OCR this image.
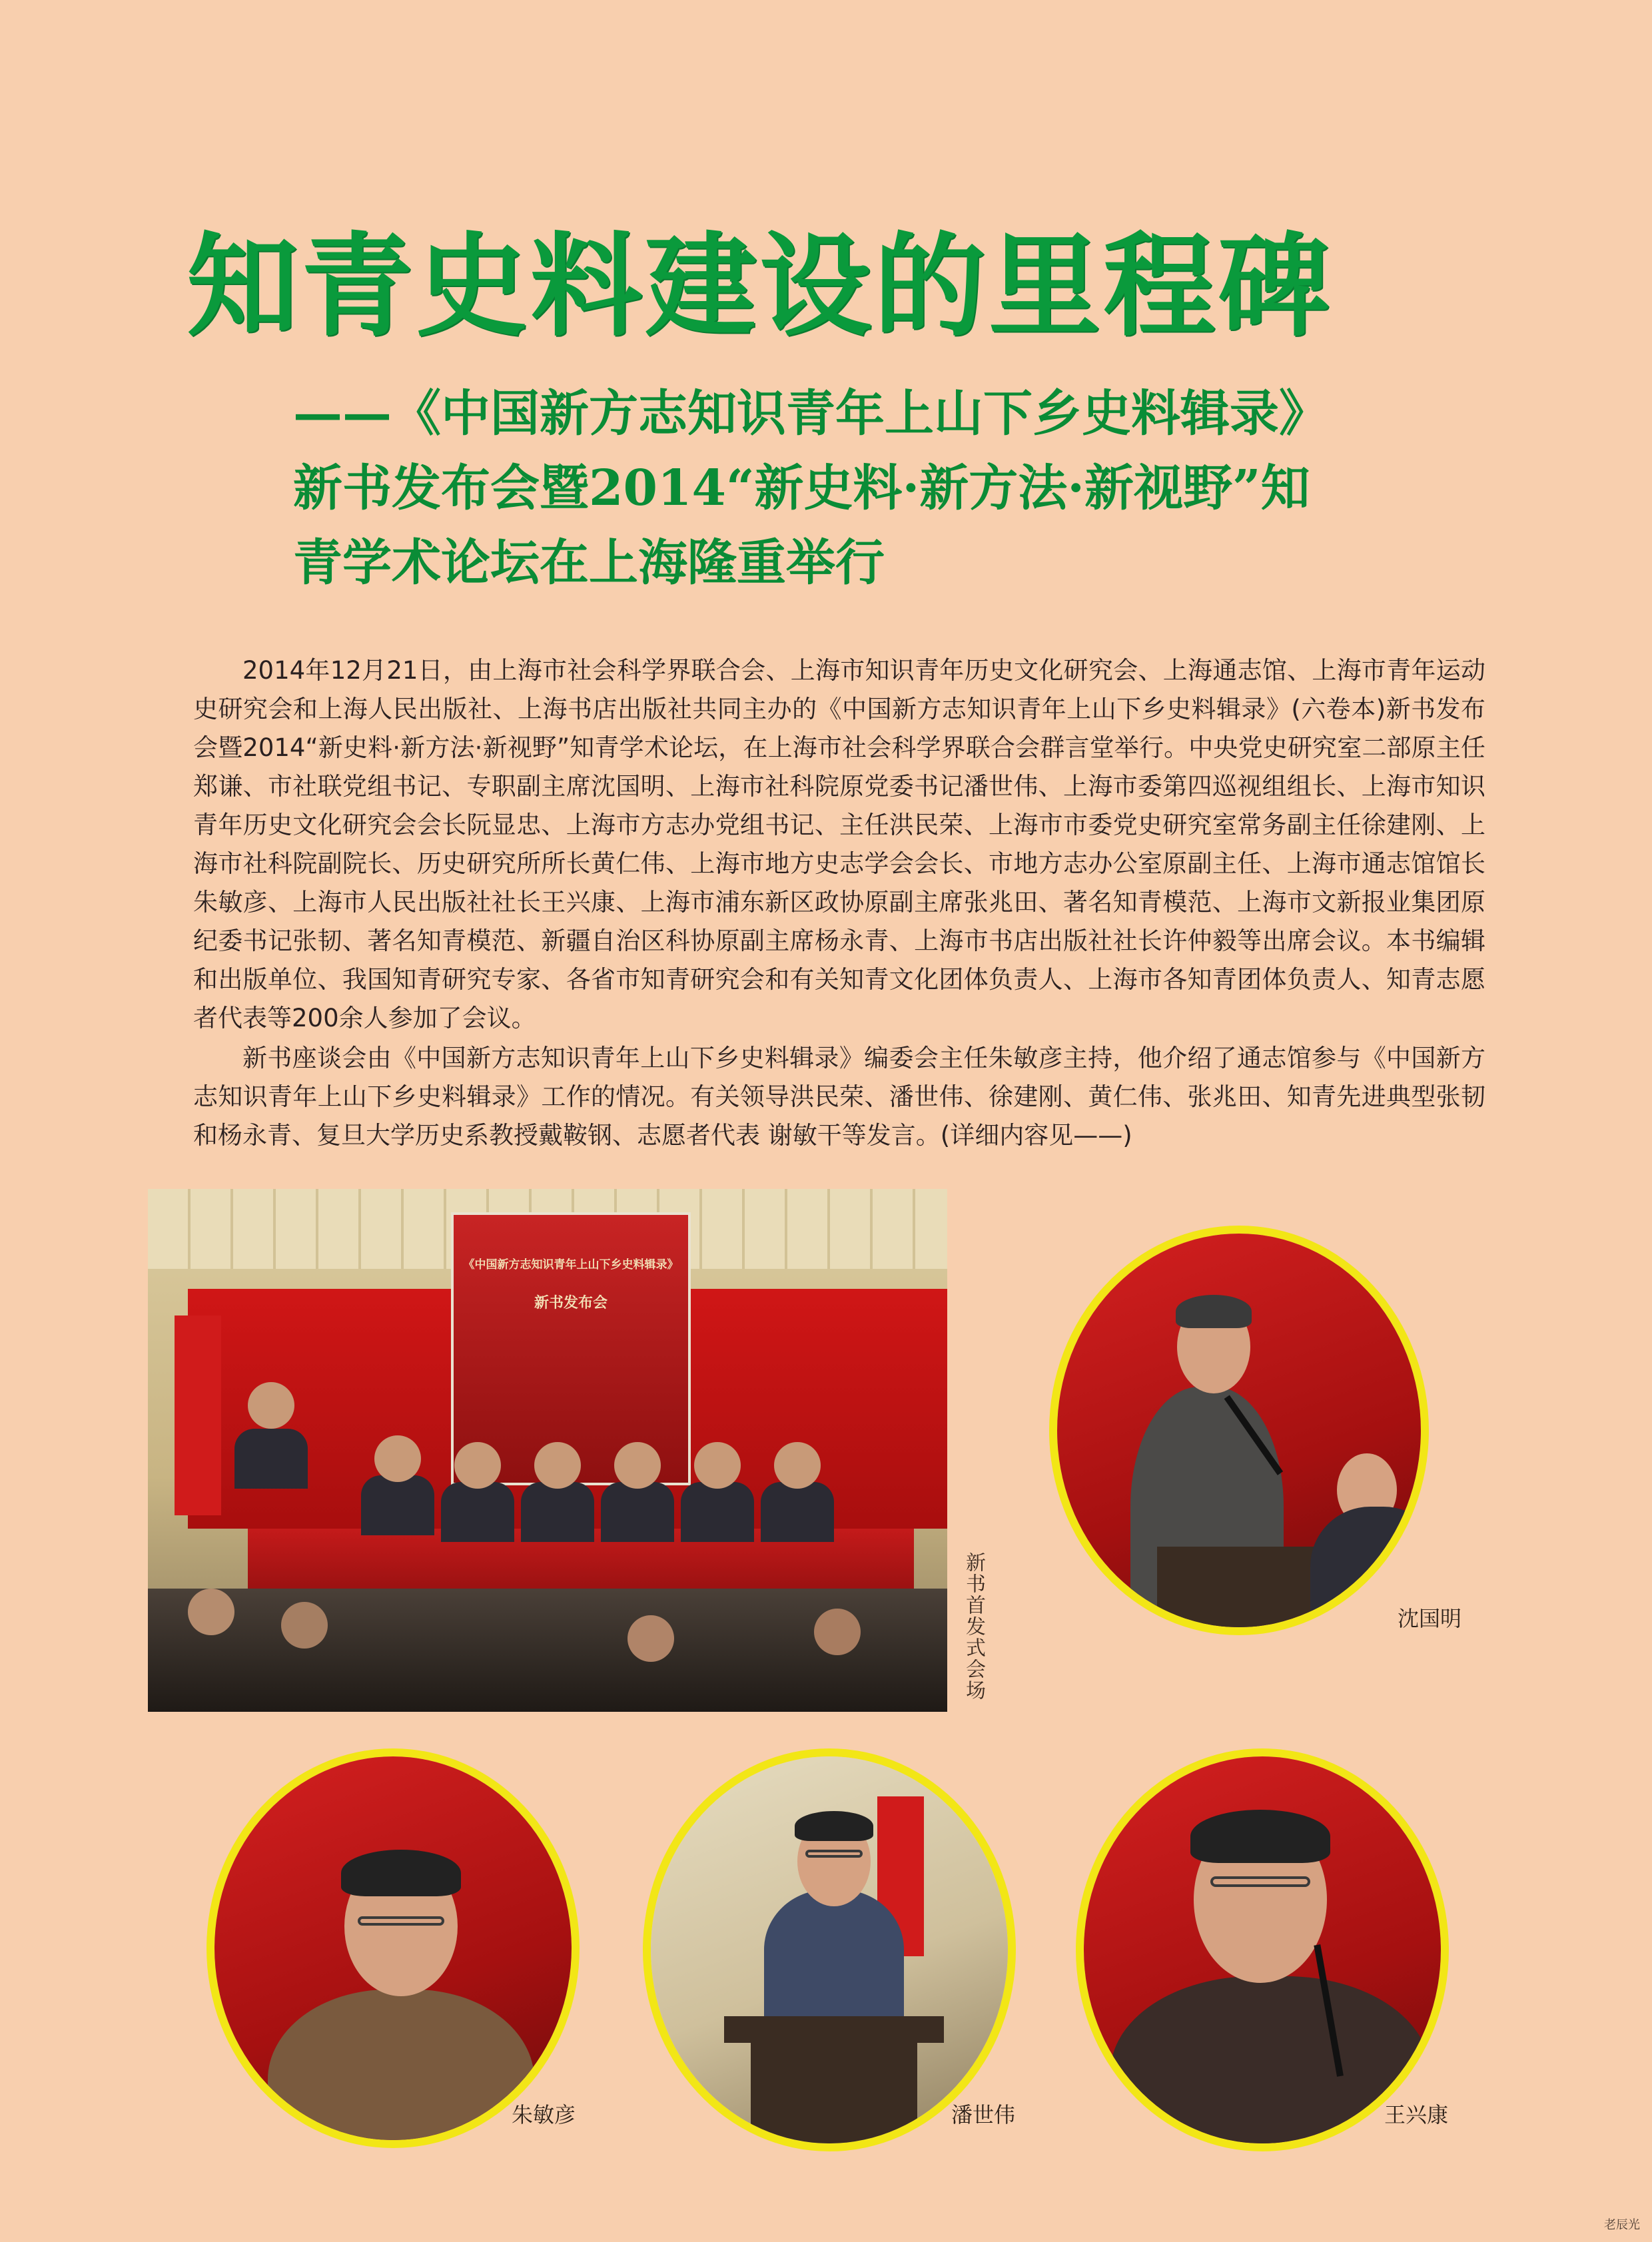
知青史料建设的里程碑
——《中国新方志知识青年上山下乡史料辑录》
新书发布会暨2014“新史料·新方法·新视野”知
青学术论坛在上海隆重举行

2014年12月21日，由上海市社会科学界联合会、上海市知识青年历史文化研究会、上海通志馆、上海市青年运动史研究会和上海人民出版社、上海书店出版社共同主办的《中国新方志知识青年上山下乡史料辑录》(六卷本)新书发布会暨2014“新史料·新方法·新视野”知青学术论坛，在上海市社会科学界联合会群言堂举行。中央党史研究室二部原主任郑谦、市社联党组书记、专职副主席沈国明、上海市社科院原党委书记潘世伟、上海市委第四巡视组组长、上海市知识青年历史文化研究会会长阮显忠、上海市方志办党组书记、主任洪民荣、上海市市委党史研究室常务副主任徐建刚、上海市社科院副院长、历史研究所所长黄仁伟、上海市地方史志学会会长、市地方志办公室原副主任、上海市通志馆馆长朱敏彦、上海市人民出版社社长王兴康、上海市浦东新区政协原副主席张兆田、著名知青模范、上海市文新报业集团原纪委书记张韧、著名知青模范、新疆自治区科协原副主席杨永青、上海市书店出版社社长许仲毅等出席会议。本书编辑和出版单位、我国知青研究专家、各省市知青研究会和有关知青文化团体负责人、上海市各知青团体负责人、知青志愿者代表等200余人参加了会议。

新书座谈会由《中国新方志知识青年上山下乡史料辑录》编委会主任朱敏彦主持，他介绍了通志馆参与《中国新方志知识青年上山下乡史料辑录》工作的情况。有关领导洪民荣、潘世伟、徐建刚、黄仁伟、张兆田、知青先进典型张韧和杨永青、复旦大学历史系教授戴鞍钢、志愿者代表 谢敏干等发言。(详细内容见——)

《中国新方志知识青年上山下乡史料辑录》
新书发布会
新书首发式会场	沈国明
朱敏彦	潘世伟	王兴康
老辰光
